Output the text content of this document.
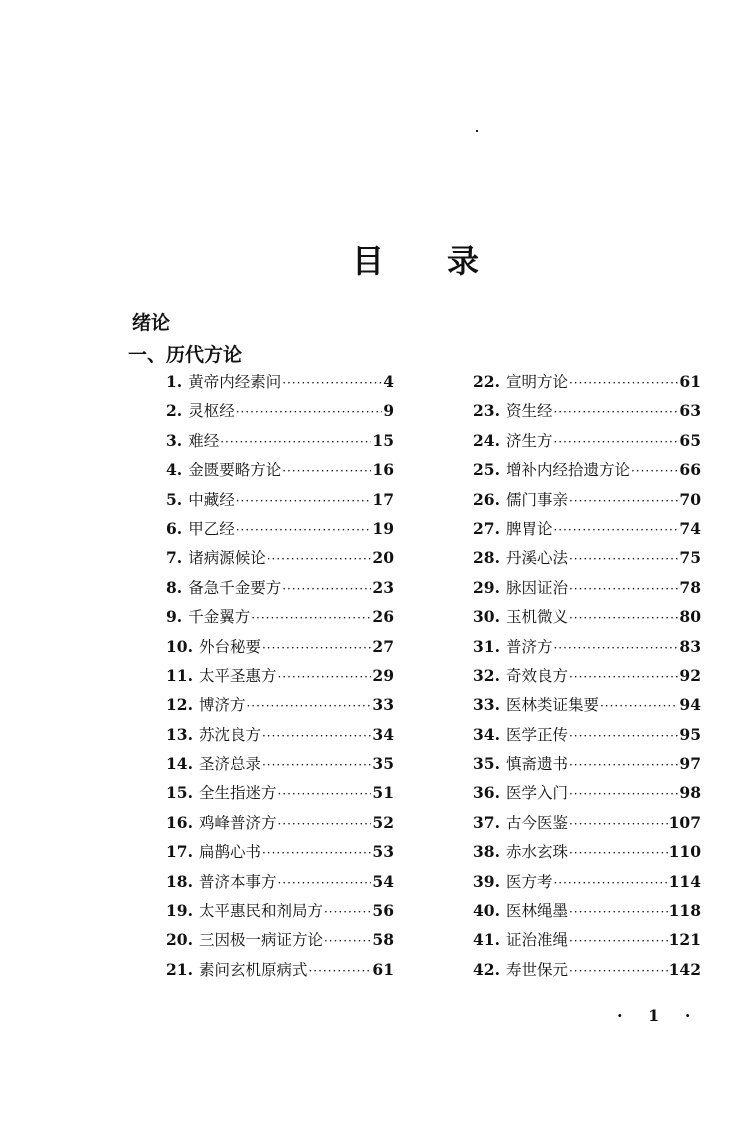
目 录
绪论
一、历代方论
1. 黄帝内经素问 ·····	4
2. 灵枢经 ·····	9
3. 难经 ·····	15
4. 金匮要略方论 ·····	16
5. 中藏经 ·····	17
6. 甲乙经 ·····	19
7. 诸病源候论 ·····	20
8. 备急千金要方 ·····	23
9. 千金翼方 ·····	26
10. 外台秘要 ·····	27
11. 太平圣惠方 ·····	29
12. 博济方 ·····	33
13. 苏沈良方 ·····	34
14. 圣济总录 ·····	35
15. 全生指迷方 ·····	51
16. 鸡峰普济方 ·····	52
17. 扁鹊心书 ·····	53
18. 普济本事方 ·····	54
19. 太平惠民和剂局方 ·····	56
20. 三因极一病证方论 ·····	58
21. 素问玄机原病式 ·····	61
22. 宣明方论 ·····	61
23. 资生经 ·····	63
24. 济生方 ·····	65
25. 增补内经拾遗方论 ·····	66
26. 儒门事亲 ·····	70
27. 脾胃论 ·····	74
28. 丹溪心法 ·····	75
29. 脉因证治 ·····	78
30. 玉机微义 ·····	80
31. 普济方 ·····	83
32. 奇效良方 ·····	92
33. 医林类证集要 ·····	94
34. 医学正传 ·····	95
35. 慎斋遗书 ·····	97
36. 医学入门 ·····	98
37. 古今医鉴 ·····	107
38. 赤水玄珠 ·····	110
39. 医方考 ·····	114
40. 医林绳墨 ·····	118
41. 证治准绳 ·····	121
42. 寿世保元 ·····	142
· 1 ·
